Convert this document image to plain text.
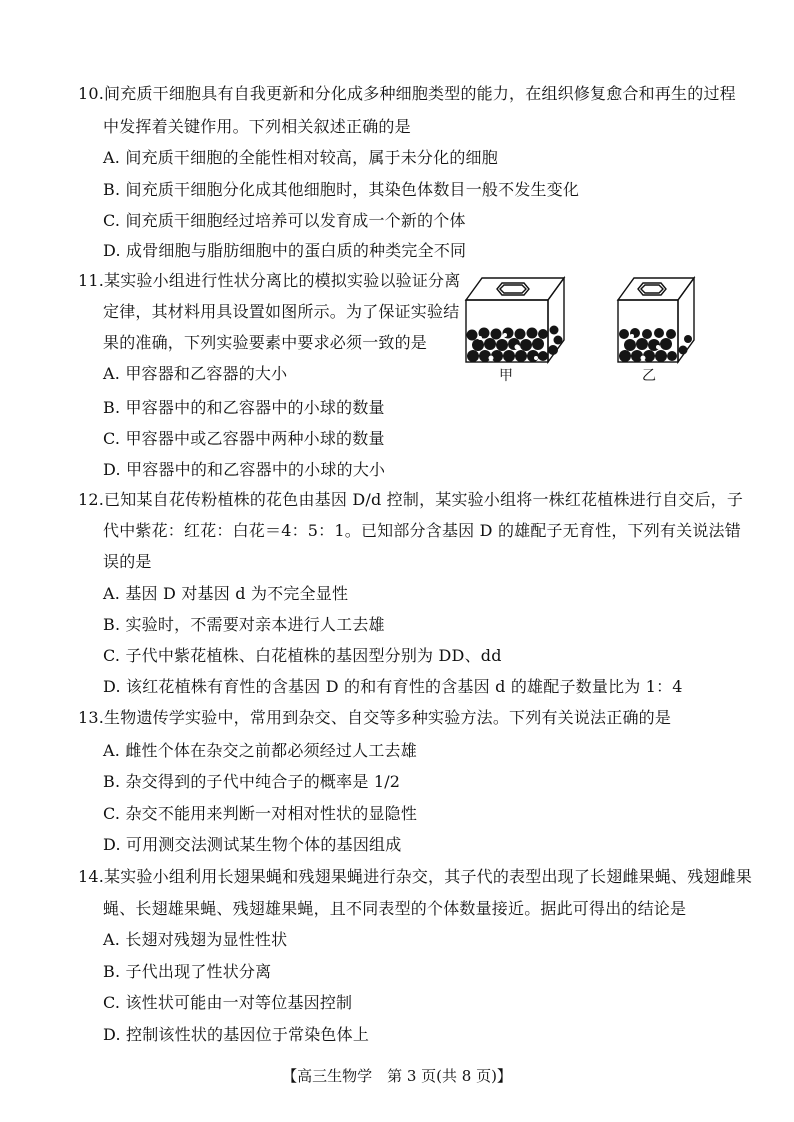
10.间充质干细胞具有自我更新和分化成多种细胞类型的能力，在组织修复愈合和再生的过程
中发挥着关键作用。下列相关叙述正确的是
A. 间充质干细胞的全能性相对较高，属于未分化的细胞
B. 间充质干细胞分化成其他细胞时，其染色体数目一般不发生变化
C. 间充质干细胞经过培养可以发育成一个新的个体
D. 成骨细胞与脂肪细胞中的蛋白质的种类完全不同
11.某实验小组进行性状分离比的模拟实验以验证分离
定律，其材料用具设置如图所示。为了保证实验结
果的准确，下列实验要素中要求必须一致的是
A. 甲容器和乙容器的大小
B. 甲容器中的和乙容器中的小球的数量
C. 甲容器中或乙容器中两种小球的数量
D. 甲容器中的和乙容器中的小球的大小
甲	乙
12.已知某自花传粉植株的花色由基因 D/d 控制，某实验小组将一株红花植株进行自交后，子
代中紫花：红花：白花＝4：5：1。已知部分含基因 D 的雄配子无育性，下列有关说法错
误的是
A. 基因 D 对基因 d 为不完全显性
B. 实验时，不需要对亲本进行人工去雄
C. 子代中紫花植株、白花植株的基因型分别为 DD、dd
D. 该红花植株有育性的含基因 D 的和有育性的含基因 d 的雄配子数量比为 1：4
13.生物遗传学实验中，常用到杂交、自交等多种实验方法。下列有关说法正确的是
A. 雌性个体在杂交之前都必须经过人工去雄
B. 杂交得到的子代中纯合子的概率是 1/2
C. 杂交不能用来判断一对相对性状的显隐性
D. 可用测交法测试某生物个体的基因组成
14.某实验小组利用长翅果蝇和残翅果蝇进行杂交，其子代的表型出现了长翅雌果蝇、残翅雌果
蝇、长翅雄果蝇、残翅雄果蝇，且不同表型的个体数量接近。据此可得出的结论是
A. 长翅对残翅为显性性状
B. 子代出现了性状分离
C. 该性状可能由一对等位基因控制
D. 控制该性状的基因位于常染色体上
【高三生物学　第 3 页(共 8 页)】
